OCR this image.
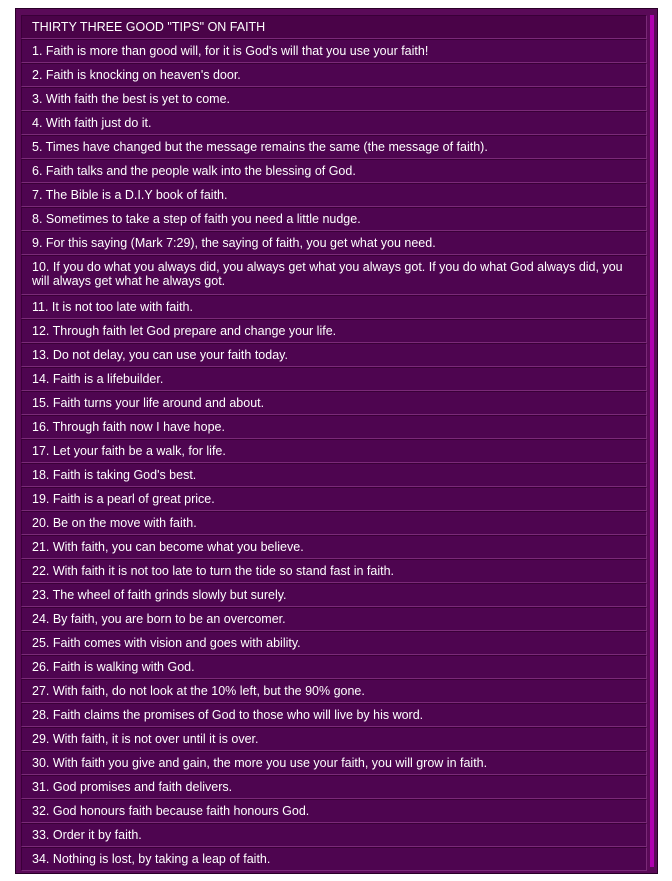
THIRTY THREE GOOD "TIPS" ON FAITH
1. Faith is more than good will, for it is God's will that you use your faith!
2. Faith is knocking on heaven's door.
3. With faith the best is yet to come.
4. With faith just do it.
5. Times have changed but the message remains the same (the message of faith).
6. Faith talks and the people walk into the blessing of God.
7. The Bible is a D.I.Y book of faith.
8. Sometimes to take a step of faith you need a little nudge.
9. For this saying (Mark 7:29), the saying of faith, you get what you need.
10. If you do what you always did, you always get what you always got. If you do what God always did, you will always get what he always got.
11. It is not too late with faith.
12. Through faith let God prepare and change your life.
13. Do not delay, you can use your faith today.
14. Faith is a lifebuilder.
15. Faith turns your life around and about.
16. Through faith now I have hope.
17. Let your faith be a walk, for life.
18. Faith is taking God's best.
19. Faith is a pearl of great price.
20. Be on the move with faith.
21. With faith, you can become what you believe.
22. With faith it is not too late to turn the tide so stand fast in faith.
23. The wheel of faith grinds slowly but surely.
24. By faith, you are born to be an overcomer.
25. Faith comes with vision and goes with ability.
26. Faith is walking with God.
27. With faith, do not look at the 10% left, but the 90% gone.
28. Faith claims the promises of God to those who will live by his word.
29. With faith, it is not over until it is over.
30. With faith you give and gain, the more you use your faith, you will grow in faith.
31. God promises and faith delivers.
32. God honours faith because faith honours God.
33. Order it by faith.
34. Nothing is lost, by taking a leap of faith.
